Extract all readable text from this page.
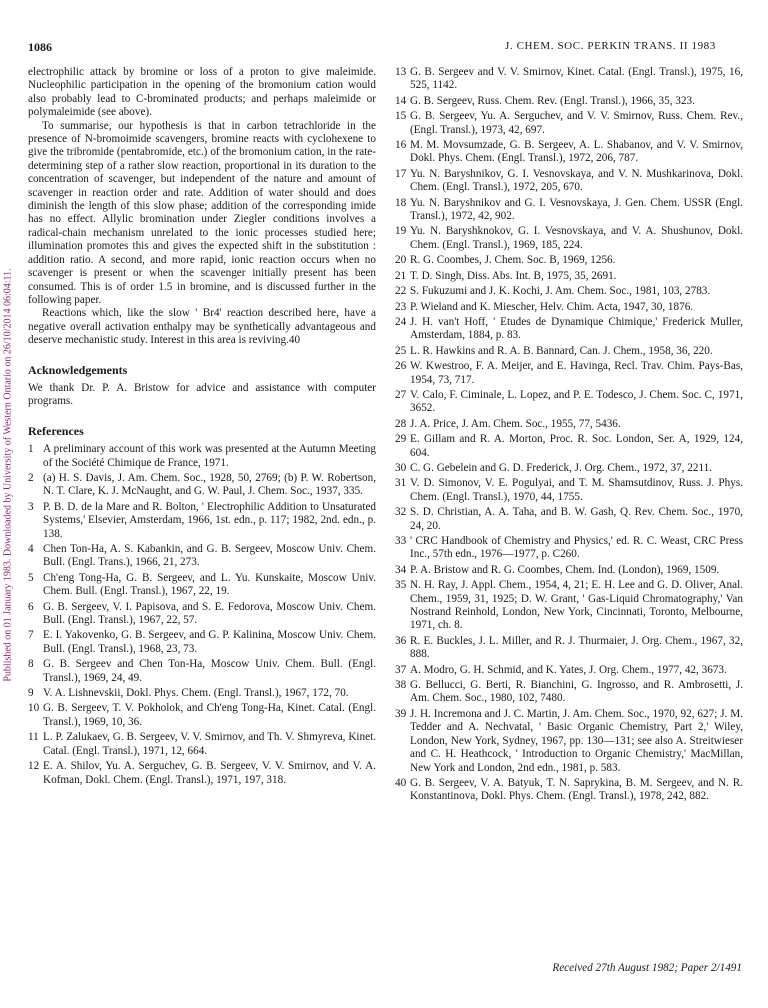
Published on 01 January 1983. Downloaded by University of Western Ontario on 26/10/2014 06:04:11.
1086	J. CHEM. SOC. PERKIN TRANS. II 1983

electrophilic attack by bromine or loss of a proton to give maleimide. Nucleophilic participation in the opening of the bromonium cation would also probably lead to C-brominated products; and perhaps maleimide or polymaleimide (see above).

To summarise, our hypothesis is that in carbon tetrachloride in the presence of N-bromoimide scavengers, bromine reacts with cyclohexene to give the tribromide (pentabromide, etc.) of the bromonium cation, in the rate-determining step of a rather slow reaction, proportional in its duration to the concentration of scavenger, but independent of the nature and amount of scavenger in reaction order and rate. Addition of water should and does diminish the length of this slow phase; addition of the corresponding imide has no effect. Allylic bromination under Ziegler conditions involves a radical-chain mechanism unrelated to the ionic processes studied here; illumination promotes this and gives the expected shift in the substitution : addition ratio. A second, and more rapid, ionic reaction occurs when no scavenger is present or when the scavenger initially present has been consumed. This is of order 1.5 in bromine, and is discussed further in the following paper.

Reactions which, like the slow ' Br4' reaction described here, have a negative overall activation enthalpy may be synthetically advantageous and deserve mechanistic study. Interest in this area is reviving.40

Acknowledgements

We thank Dr. P. A. Bristow for advice and assistance with computer programs.

References
1 A preliminary account of this work was presented at the Autumn Meeting of the Société Chimique de France, 1971.
2 (a) H. S. Davis, J. Am. Chem. Soc., 1928, 50, 2769; (b) P. W. Robertson, N. T. Clare, K. J. McNaught, and G. W. Paul, J. Chem. Soc., 1937, 335.
3 P. B. D. de la Mare and R. Bolton, ' Electrophilic Addition to Unsaturated Systems,' Elsevier, Amsterdam, 1966, 1st. edn., p. 117; 1982, 2nd. edn., p. 138.
4 Chen Ton-Ha, A. S. Kabankin, and G. B. Sergeev, Moscow Univ. Chem. Bull. (Engl. Trans.), 1966, 21, 273.
5 Ch'eng Tong-Ha, G. B. Sergeev, and L. Yu. Kunskaite, Moscow Univ. Chem. Bull. (Engl. Transl.), 1967, 22, 19.
6 G. B. Sergeev, V. I. Papisova, and S. E. Fedorova, Moscow Univ. Chem. Bull. (Engl. Transl.), 1967, 22, 57.
7 E. I. Yakovenko, G. B. Sergeev, and G. P. Kalinina, Moscow Univ. Chem. Bull. (Engl. Transl.), 1968, 23, 73.
8 G. B. Sergeev and Chen Ton-Ha, Moscow Univ. Chem. Bull. (Engl. Transl.), 1969, 24, 49.
9 V. A. Lishnevskii, Dokl. Phys. Chem. (Engl. Transl.), 1967, 172, 70.
10 G. B. Sergeev, T. V. Pokholok, and Ch'eng Tong-Ha, Kinet. Catal. (Engl. Transl.), 1969, 10, 36.
11 L. P. Zalukaev, G. B. Sergeev, V. V. Smirnov, and Th. V. Shmyreva, Kinet. Catal. (Engl. Transl.), 1971, 12, 664.
12 E. A. Shilov, Yu. A. Serguchev, G. B. Sergeev, V. V. Smirnov, and V. A. Kofman, Dokl. Chem. (Engl. Transl.), 1971, 197, 318.
13 G. B. Sergeev and V. V. Smirnov, Kinet. Catal. (Engl. Transl.), 1975, 16, 525, 1142.
14 G. B. Sergeev, Russ. Chem. Rev. (Engl. Transl.), 1966, 35, 323.
15 G. B. Sergeev, Yu. A. Serguchev, and V. V. Smirnov, Russ. Chem. Rev., (Engl. Transl.), 1973, 42, 697.
16 M. M. Movsumzade, G. B. Sergeev, A. L. Shabanov, and V. V. Smirnov, Dokl. Phys. Chem. (Engl. Transl.), 1972, 206, 787.
17 Yu. N. Baryshnikov, G. I. Vesnovskaya, and V. N. Mushkarinova, Dokl. Chem. (Engl. Transl.), 1972, 205, 670.
18 Yu. N. Baryshnikov and G. I. Vesnovskaya, J. Gen. Chem. USSR (Engl. Transl.), 1972, 42, 902.
19 Yu. N. Baryshknokov, G. I. Vesnovskaya, and V. A. Shushunov, Dokl. Chem. (Engl. Transl.), 1969, 185, 224.
20 R. G. Coombes, J. Chem. Soc. B, 1969, 1256.
21 T. D. Singh, Diss. Abs. Int. B, 1975, 35, 2691.
22 S. Fukuzumi and J. K. Kochi, J. Am. Chem. Soc., 1981, 103, 2783.
23 P. Wieland and K. Miescher, Helv. Chim. Acta, 1947, 30, 1876.
24 J. H. van't Hoff, ' Etudes de Dynamique Chimique,' Frederick Muller, Amsterdam, 1884, p. 83.
25 L. R. Hawkins and R. A. B. Bannard, Can. J. Chem., 1958, 36, 220.
26 W. Kwestroo, F. A. Meijer, and E. Havinga, Recl. Trav. Chim. Pays-Bas, 1954, 73, 717.
27 V. Calo, F. Ciminale, L. Lopez, and P. E. Todesco, J. Chem. Soc. C, 1971, 3652.
28 J. A. Price, J. Am. Chem. Soc., 1955, 77, 5436.
29 E. Gillam and R. A. Morton, Proc. R. Soc. London, Ser. A, 1929, 124, 604.
30 C. G. Gebelein and G. D. Frederick, J. Org. Chem., 1972, 37, 2211.
31 V. D. Simonov, V. E. Pogulyai, and T. M. Shamsutdinov, Russ. J. Phys. Chem. (Engl. Transl.), 1970, 44, 1755.
32 S. D. Christian, A. A. Taha, and B. W. Gash, Q. Rev. Chem. Soc., 1970, 24, 20.
33 ' CRC Handbook of Chemistry and Physics,' ed. R. C. Weast, CRC Press Inc., 57th edn., 1976—1977, p. C260.
34 P. A. Bristow and R. G. Coombes, Chem. Ind. (London), 1969, 1509.
35 N. H. Ray, J. Appl. Chem., 1954, 4, 21; E. H. Lee and G. D. Oliver, Anal. Chem., 1959, 31, 1925; D. W. Grant, ' Gas-Liquid Chromatography,' Van Nostrand Reinhold, London, New York, Cincinnati, Toronto, Melbourne, 1971, ch. 8.
36 R. E. Buckles, J. L. Miller, and R. J. Thurmaier, J. Org. Chem., 1967, 32, 888.
37 A. Modro, G. H. Schmid, and K. Yates, J. Org. Chem., 1977, 42, 3673.
38 G. Bellucci, G. Berti, R. Bianchini, G. Ingrosso, and R. Ambrosetti, J. Am. Chem. Soc., 1980, 102, 7480.
39 J. H. Incremona and J. C. Martin, J. Am. Chem. Soc., 1970, 92, 627; J. M. Tedder and A. Nechvatal, ' Basic Organic Chemistry, Part 2,' Wiley, London, New York, Sydney, 1967, pp. 130—131; see also A. Streitwieser and C. H. Heathcock, ' Introduction to Organic Chemistry,' MacMillan, New York and London, 2nd edn., 1981, p. 583.
40 G. B. Sergeev, V. A. Batyuk, T. N. Saprykina, B. M. Sergeev, and N. R. Konstantinova, Dokl. Phys. Chem. (Engl. Transl.), 1978, 242, 882.
Received 27th August 1982; Paper 2/1491
